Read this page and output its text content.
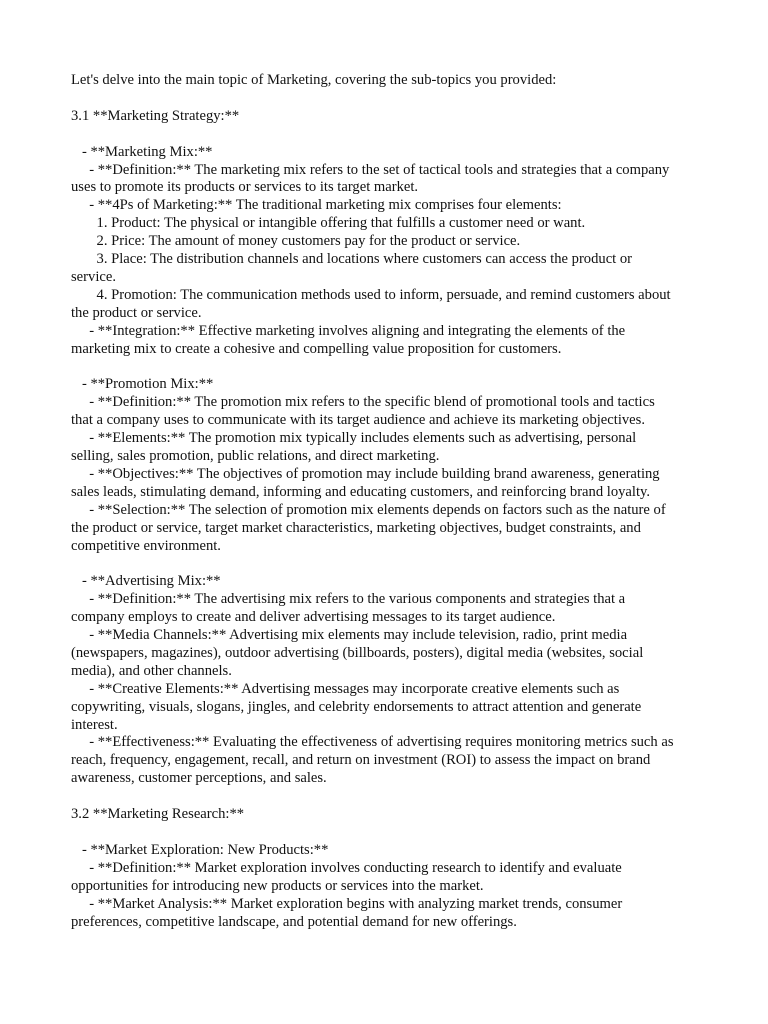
Let's delve into the main topic of Marketing, covering the sub-topics you provided:
3.1 **Marketing Strategy:**
- **Marketing Mix:**
- **Definition:** The marketing mix refers to the set of tactical tools and strategies that a company
uses to promote its products or services to its target market.
- **4Ps of Marketing:** The traditional marketing mix comprises four elements:
1. Product: The physical or intangible offering that fulfills a customer need or want.
2. Price: The amount of money customers pay for the product or service.
3. Place: The distribution channels and locations where customers can access the product or
service.
4. Promotion: The communication methods used to inform, persuade, and remind customers about
the product or service.
- **Integration:** Effective marketing involves aligning and integrating the elements of the
marketing mix to create a cohesive and compelling value proposition for customers.
- **Promotion Mix:**
- **Definition:** The promotion mix refers to the specific blend of promotional tools and tactics
that a company uses to communicate with its target audience and achieve its marketing objectives.
- **Elements:** The promotion mix typically includes elements such as advertising, personal
selling, sales promotion, public relations, and direct marketing.
- **Objectives:** The objectives of promotion may include building brand awareness, generating
sales leads, stimulating demand, informing and educating customers, and reinforcing brand loyalty.
- **Selection:** The selection of promotion mix elements depends on factors such as the nature of
the product or service, target market characteristics, marketing objectives, budget constraints, and
competitive environment.
- **Advertising Mix:**
- **Definition:** The advertising mix refers to the various components and strategies that a
company employs to create and deliver advertising messages to its target audience.
- **Media Channels:** Advertising mix elements may include television, radio, print media
(newspapers, magazines), outdoor advertising (billboards, posters), digital media (websites, social
media), and other channels.
- **Creative Elements:** Advertising messages may incorporate creative elements such as
copywriting, visuals, slogans, jingles, and celebrity endorsements to attract attention and generate
interest.
- **Effectiveness:** Evaluating the effectiveness of advertising requires monitoring metrics such as
reach, frequency, engagement, recall, and return on investment (ROI) to assess the impact on brand
awareness, customer perceptions, and sales.
3.2 **Marketing Research:**
- **Market Exploration: New Products:**
- **Definition:** Market exploration involves conducting research to identify and evaluate
opportunities for introducing new products or services into the market.
- **Market Analysis:** Market exploration begins with analyzing market trends, consumer
preferences, competitive landscape, and potential demand for new offerings.
